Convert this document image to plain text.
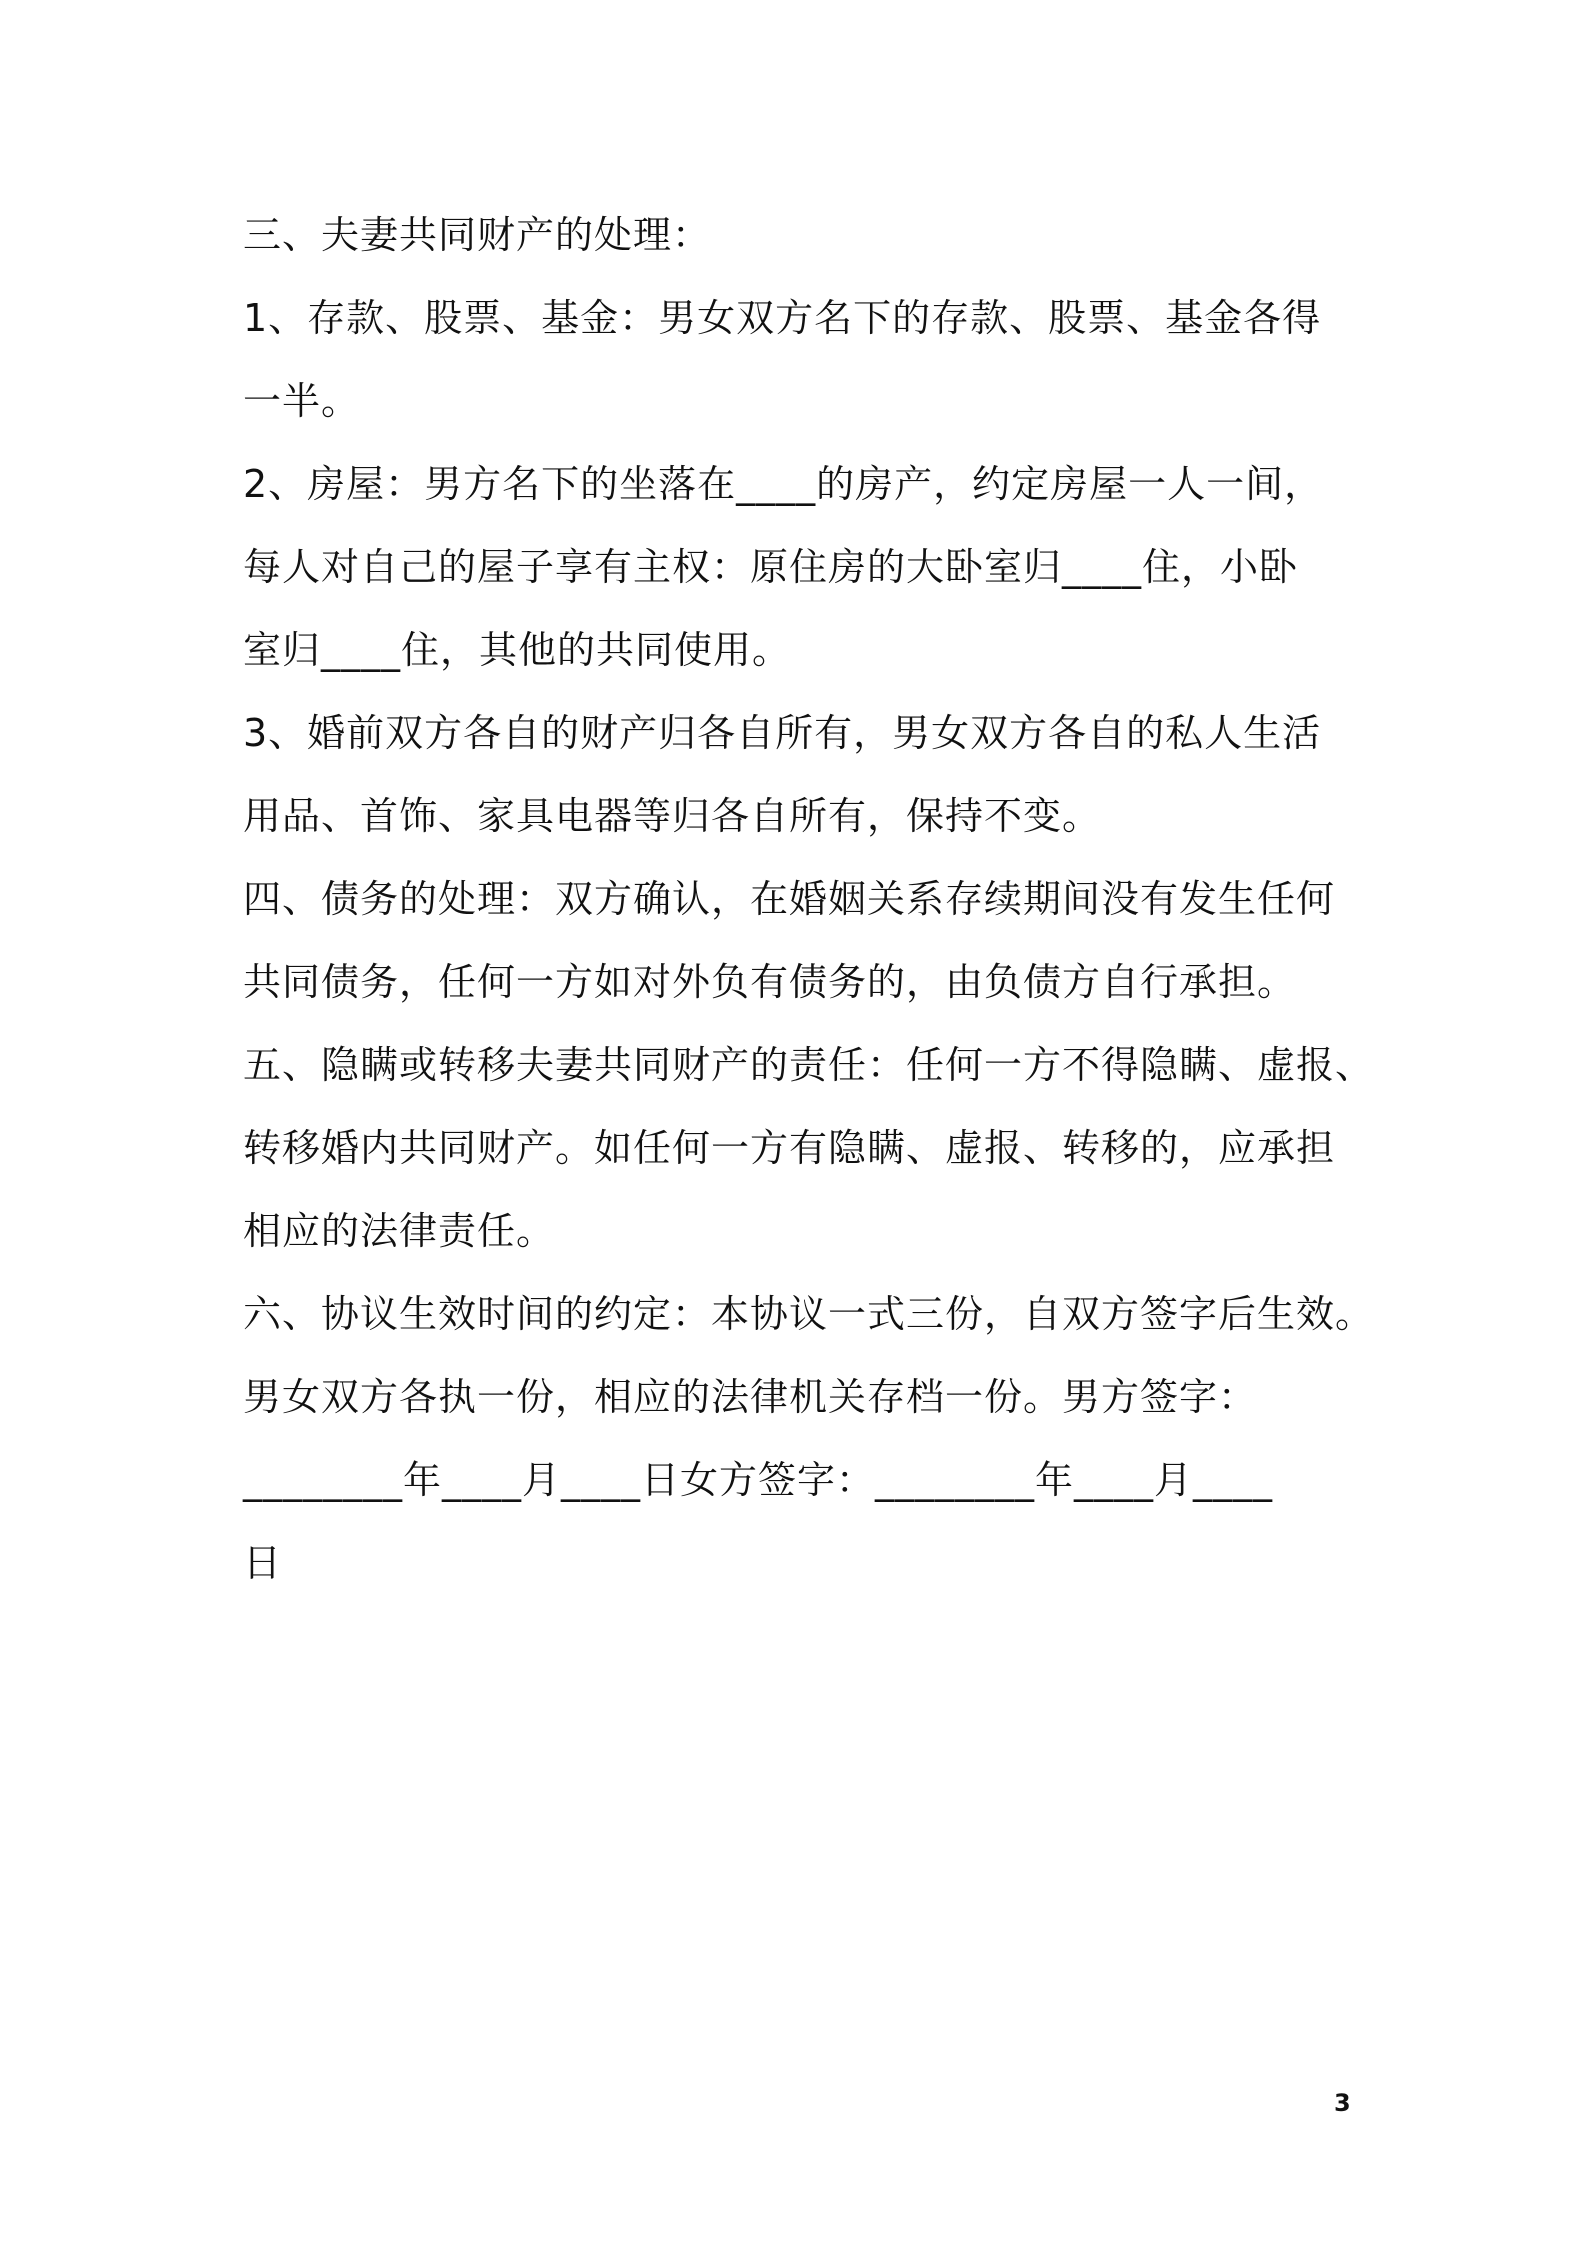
三、夫妻共同财产的处理：
1、存款、股票、基金：男女双方名下的存款、股票、基金各得
一半。
2、房屋：男方名下的坐落在____的房产，约定房屋一人一间，
每人对自己的屋子享有主权：原住房的大卧室归____住，小卧
室归____住，其他的共同使用。
3、婚前双方各自的财产归各自所有，男女双方各自的私人生活
用品、首饰、家具电器等归各自所有，保持不变。
四、债务的处理：双方确认，在婚姻关系存续期间没有发生任何
共同债务，任何一方如对外负有债务的，由负债方自行承担。
五、隐瞒或转移夫妻共同财产的责任：任何一方不得隐瞒、虚报、
转移婚内共同财产。如任何一方有隐瞒、虚报、转移的，应承担
相应的法律责任。
六、协议生效时间的约定：本协议一式三份，自双方签字后生效。
男女双方各执一份，相应的法律机关存档一份。男方签字：
________年____月____日女方签字：________年____月____
日
3
